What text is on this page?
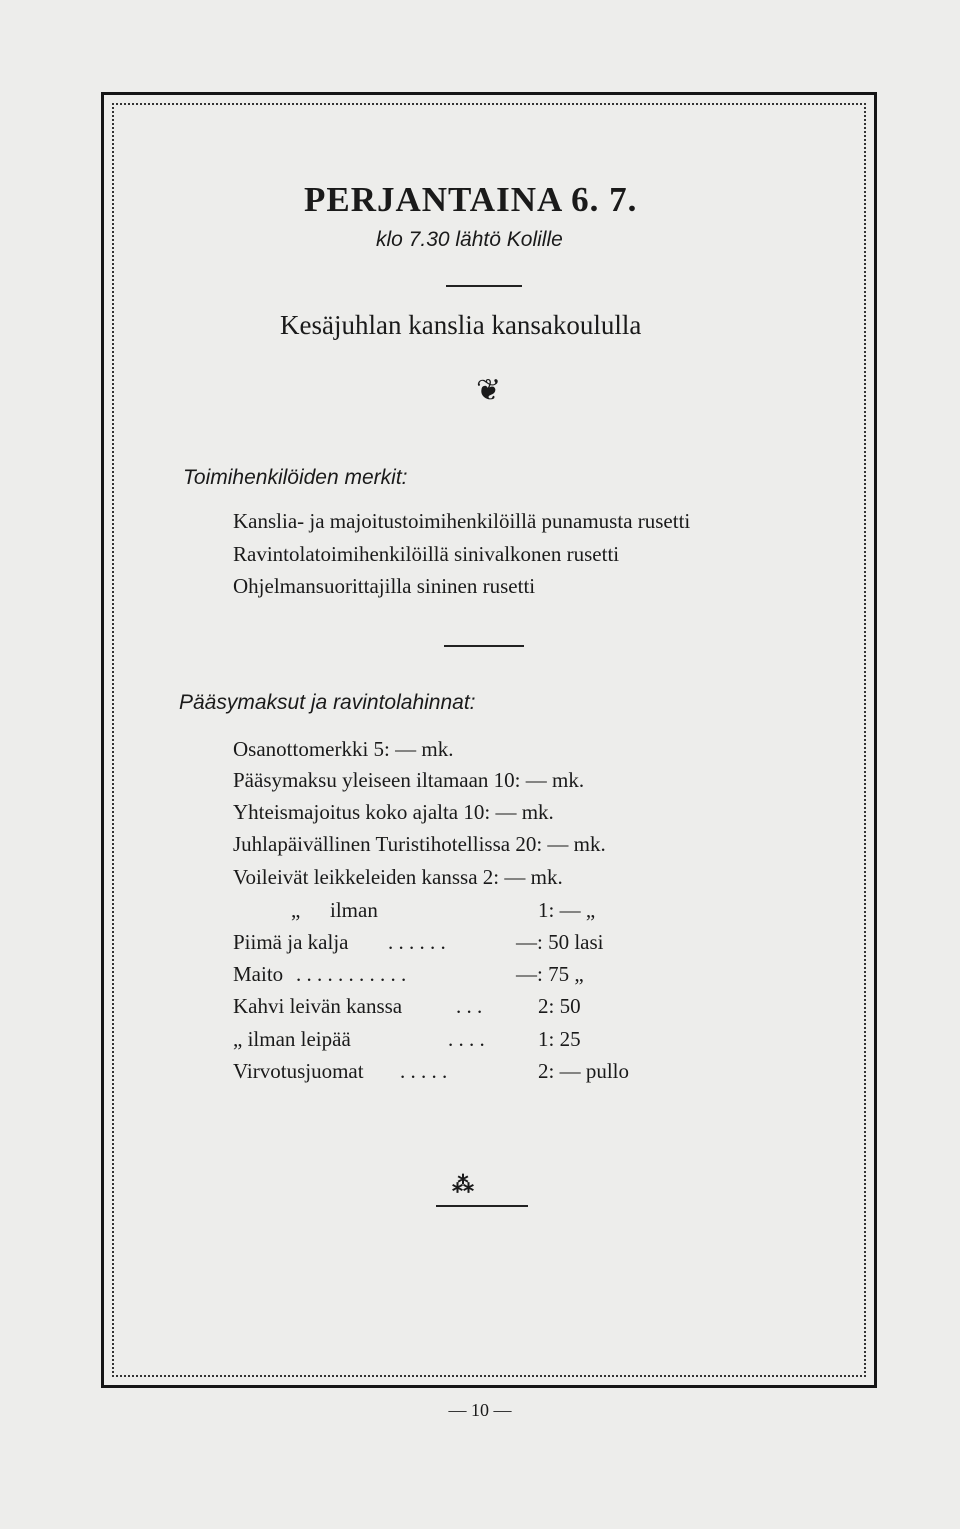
PERJANTAINA 6. 7.
klo 7.30 lähtö Kolille
Kesäjuhlan kanslia kansakoululla
❦
Toimihenkilöiden merkit:
Kanslia- ja majoitustoimihenkilöillä punamusta rusetti
Ravintolatoimihenkilöillä sinivalkonen rusetti
Ohjelmansuorittajilla sininen rusetti
Pääsymaksut ja ravintolahinnat:
Osanottomerkki 5: — mk.
Pääsymaksu yleiseen iltamaan 10: — mk.
Yhteismajoitus koko ajalta 10: — mk.
Juhlapäivällinen Turistihotellissa 20: — mk.
Voileivät leikkeleiden kanssa 2: — mk.
„ ilman	1: — „
Piimä ja kalja . . . . . .	—: 50 lasi
Maito . . . . . . . . . . .	—: 75 „
Kahvi leivän kanssa	. . .	2: 50
„ ilman leipää	. . . .	1: 25
Virvotusjuomat . . . . .	2: — pullo
⁂
— 10 —
